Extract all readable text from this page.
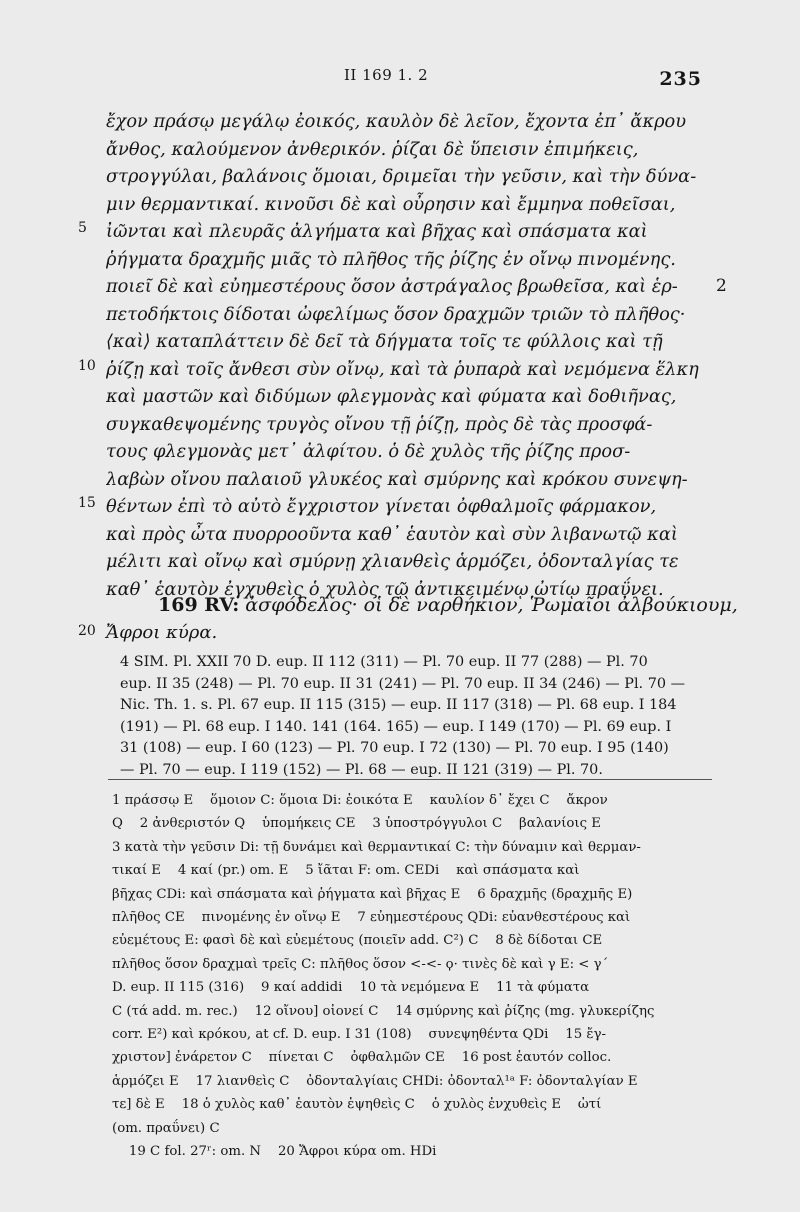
II 169 1. 2	235
ἔχον πράσῳ μεγάλῳ ἐοικός, καυλὸν δὲ λεῖον, ἔχοντα ἐπ᾿ ἄκρου
ἄνθος, καλούμενον ἀνθερικόν. ῥίζαι δὲ ὕπεισιν ἐπιμήκεις,
στρογγύλαι, βαλάνοις ὅμοιαι, δριμεῖαι τὴν γεῦσιν, καὶ τὴν δύνα-
μιν θερμαντικαί. κινοῦσι δὲ καὶ οὖρησιν καὶ ἔμμηνα ποθεῖσαι,
5 ἰῶνται καὶ πλευρᾶς ἀλγήματα καὶ βῆχας καὶ σπάσματα καὶ
ῥήγματα δραχμῆς μιᾶς τὸ πλῆθος τῆς ῥίζης ἐν οἴνῳ πινομένης.
ποιεῖ δὲ καὶ εὐημεστέρους ὅσον ἀστράγαλος βρωθεῖσα, καὶ ἑρ-	2
πετοδήκτοις δίδοται ὠφελίμως ὅσον δραχμῶν τριῶν τὸ πλῆθος·
⟨καὶ⟩ καταπλάττειν δὲ δεῖ τὰ δήγματα τοῖς τε φύλλοις καὶ τῇ
10 ῥίζῃ καὶ τοῖς ἄνθεσι σὺν οἴνῳ, καὶ τὰ ῥυπαρὰ καὶ νεμόμενα ἕλκη
καὶ μαστῶν καὶ διδύμων φλεγμονὰς καὶ φύματα καὶ δοθιῆνας,
συγκαθεψομένης τρυγὸς οἴνου τῇ ῥίζῃ, πρὸς δὲ τὰς προσφά-
τους φλεγμονὰς μετ᾿ ἀλφίτου. ὁ δὲ χυλὸς τῆς ῥίζης προσ-
λαβὼν οἴνου παλαιοῦ γλυκέος καὶ σμύρνης καὶ κρόκου συνεψη-
15 θέντων ἐπὶ τὸ αὐτὸ ἔγχριστον γίνεται ὀφθαλμοῖς φάρμακον,
καὶ πρὸς ὦτα πυορροοῦντα καθ᾿ ἑαυτὸν καὶ σὺν λιβανωτῷ καὶ
μέλιτι καὶ οἴνῳ καὶ σμύρνῃ χλιανθεὶς ἁρμόζει, ὀδονταλγίας τε
καθ᾿ ἑαυτὸν ἐγχυθεὶς ὁ χυλὸς τῷ ἀντικειμένῳ ὠτίῳ πραΰνει.
169 RV: ἀσφόδελος· οἱ δὲ ναρθήκιον, Ῥωμαῖοι ἀλβούκιουμ,
20 Ἄφροι κύρα.
4 SIM. Pl. XXII 70 D. eup. II 112 (311) — Pl. 70 eup. II 77 (288) — Pl. 70
eup. II 35 (248) — Pl. 70 eup. II 31 (241) — Pl. 70 eup. II 34 (246) — Pl. 70 —
Nic. Th. 1. s. Pl. 67 eup. II 115 (315) — eup. II 117 (318) — Pl. 68 eup. I 184
(191) — Pl. 68 eup. I 140. 141 (164. 165) — eup. I 149 (170) — Pl. 69 eup. I
31 (108) — eup. I 60 (123) — Pl. 70 eup. I 72 (130) — Pl. 70 eup. I 95 (140)
— Pl. 70 — eup. I 119 (152) — Pl. 68 — eup. II 121 (319) — Pl. 70.
1 πράσσῳ E    ὅμοιον C: ὅμοια Di: ἐοικότα E    καυλίον δ᾿ ἔχει C    ἄκρον
Q    2 ἀνθεριστόν Q    ὑπομήκεις CE    3 ὑποστρόγγυλοι C    βαλανίοις E
3 κατὰ τὴν γεῦσιν Di: τῇ δυνάμει καὶ θερμαντικαί C: τὴν δύναμιν καὶ θερμαν-
τικαί E    4 καί (pr.) om. E    5 ἴᾶται F: om. CEDi    καὶ σπάσματα καὶ
βῆχας CDi: καὶ σπάσματα καὶ ῥήγματα καὶ βῆχας E    6 δραχμῆς (δραχμῆς E)
πλῆθος CE    πινομένης ἐν οἴνῳ E    7 εὐημεστέρους QDi: εὐανθεστέρους καὶ
εὐεμέτους E: φασὶ δὲ καὶ εὐεμέτους (ποιεῖν add. C²) C    8 δὲ δίδοται CE
πλῆθος ὅσον δραχμαὶ τρεῖς C: πλῆθος ὅσον <-<- ϙ· τινὲς δὲ καὶ γ E: < γ´
D. eup. II 115 (316)    9 καί addidi    10 τὰ νεμόμενα E    11 τὰ φύματα
C (τά add. m. rec.)    12 οἴνου] οἰονεί C    14 σμύρνης καὶ ῥίζης (mg. γλυκερίζης
corr. E²) καὶ κρόκου, at cf. D. eup. I 31 (108)    συνεψηθέντα QDi    15 ἔγ-
χριστον] ἐνάρετον C    πίνεται C    ὀφθαλμῶν CE    16 post ἑαυτόν colloc.
ἁρμόζει E    17 λιανθεὶς C    ὀδονταλγίαις CHDi: ὀδονταλ¹ᵃ F: ὀδονταλγίαν E
τε] δὲ E    18 ὁ χυλὸς καθ᾿ ἑαυτὸν ἑψηθεὶς C    ὁ χυλὸς ἐνχυθεὶς E    ὠτί
(om. πραΰνει) C
19 C fol. 27ʳ: om. N    20 Ἄφροι κύρα om. HDi
